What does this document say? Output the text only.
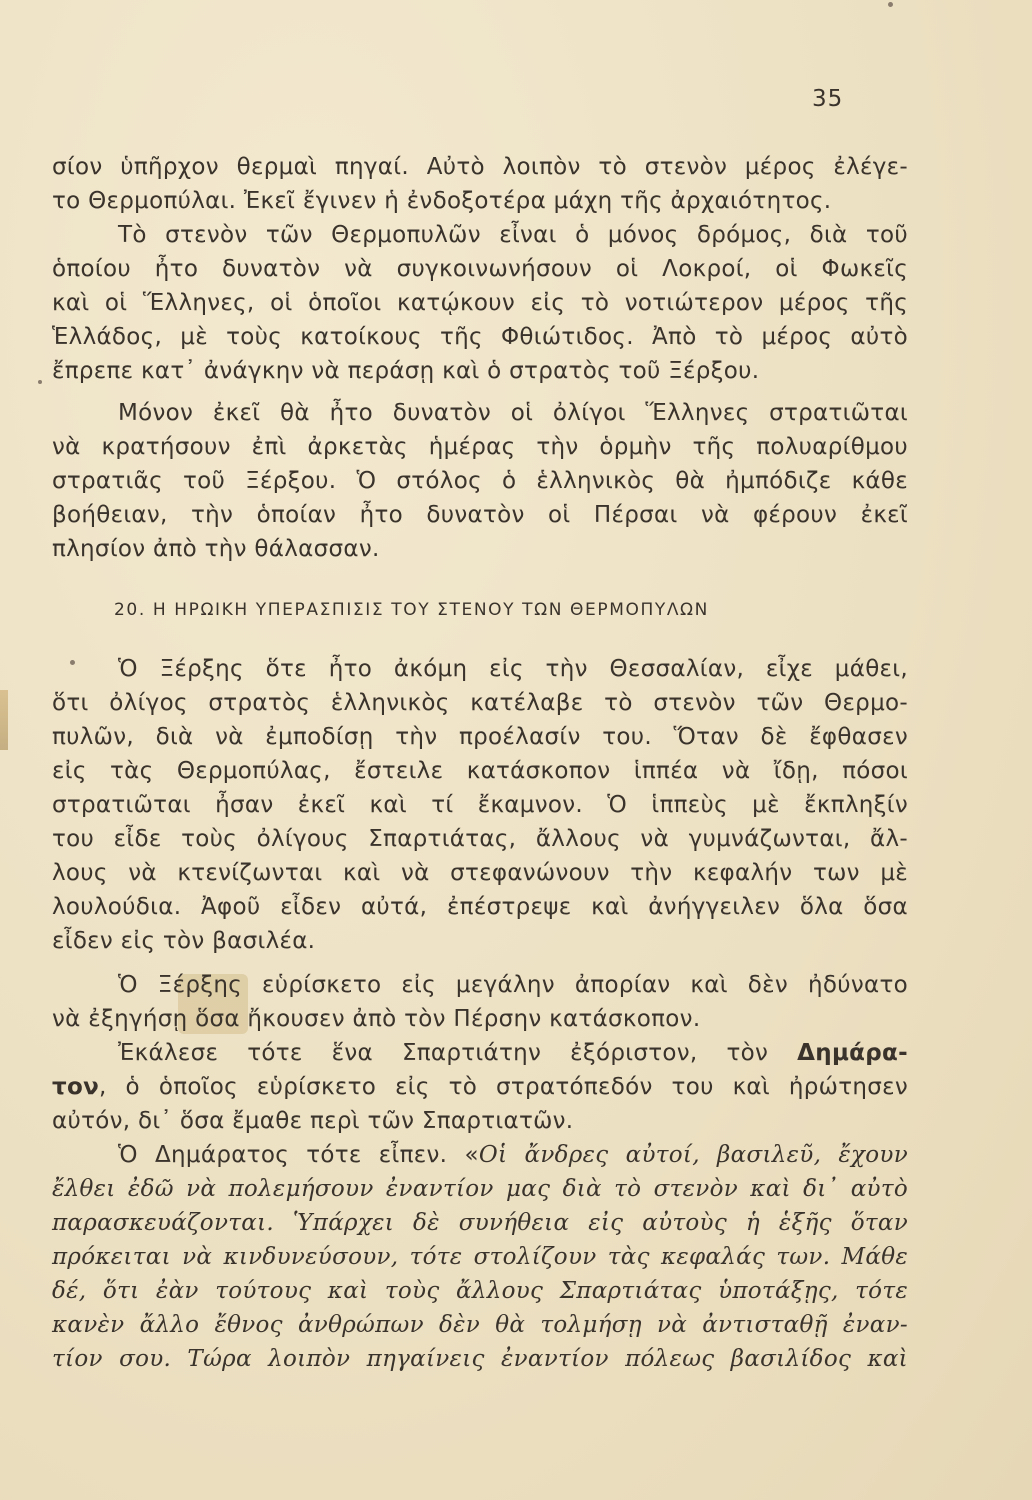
35
σίον ὑπῆρχον θερμαὶ πηγαί. Αὐτὸ λοιπὸν τὸ στενὸν μέρος ἐλέγε-
το Θερμοπύλαι. Ἐκεῖ ἔγινεν ἡ ἐνδοξοτέρα μάχη τῆς ἀρχαιότητος.
Τὸ στενὸν τῶν Θερμοπυλῶν εἶναι ὁ μόνος δρόμος, διὰ τοῦ
ὁποίου ἦτο δυνατὸν νὰ συγκοινωνήσουν οἱ Λοκροί, οἱ Φωκεῖς
καὶ οἱ Ἕλληνες, οἱ ὁποῖοι κατῴκουν εἰς τὸ νοτιώτερον μέρος τῆς
Ἑλλάδος, μὲ τοὺς κατοίκους τῆς Φθιώτιδος. Ἀπὸ τὸ μέρος αὐτὸ
ἔπρεπε κατ᾽ ἀνάγκην νὰ περάσῃ καὶ ὁ στρατὸς τοῦ Ξέρξου.
Μόνον ἐκεῖ θὰ ἦτο δυνατὸν οἱ ὀλίγοι Ἕλληνες στρατιῶται
νὰ κρατήσουν ἐπὶ ἀρκετὰς ἡμέρας τὴν ὁρμὴν τῆς πολυαρίθμου
στρατιᾶς τοῦ Ξέρξου. Ὁ στόλος ὁ ἑλληνικὸς θὰ ἠμπόδιζε κάθε
βοήθειαν, τὴν ὁποίαν ἦτο δυνατὸν οἱ Πέρσαι νὰ φέρουν ἐκεῖ
πλησίον ἀπὸ τὴν θάλασσαν.
20. Η ΗΡΩΙΚΗ ΥΠΕΡΑΣΠΙΣΙΣ ΤΟΥ ΣΤΕΝΟΥ ΤΩΝ ΘΕΡΜΟΠΥΛΩΝ
Ὁ Ξέρξης ὅτε ἦτο ἀκόμη εἰς τὴν Θεσσαλίαν, εἶχε μάθει,
ὅτι ὀλίγος στρατὸς ἑλληνικὸς κατέλαβε τὸ στενὸν τῶν Θερμο-
πυλῶν, διὰ νὰ ἐμποδίσῃ τὴν προέλασίν του. Ὅταν δὲ ἔφθασεν
εἰς τὰς Θερμοπύλας, ἔστειλε κατάσκοπον ἱππέα νὰ ἴδῃ, πόσοι
στρατιῶται ἦσαν ἐκεῖ καὶ τί ἔκαμνον. Ὁ ἱππεὺς μὲ ἔκπληξίν
του εἶδε τοὺς ὀλίγους Σπαρτιάτας, ἄλλους νὰ γυμνάζωνται, ἄλ-
λους νὰ κτενίζωνται καὶ νὰ στεφανώνουν τὴν κεφαλήν των μὲ
λουλούδια. Ἀφοῦ εἶδεν αὐτά, ἐπέστρεψε καὶ ἀνήγγειλεν ὅλα ὅσα
εἶδεν εἰς τὸν βασιλέα.
Ὁ Ξέρξης εὑρίσκετο εἰς μεγάλην ἀπορίαν καὶ δὲν ἠδύνατο
νὰ ἐξηγήσῃ ὅσα ἤκουσεν ἀπὸ τὸν Πέρσην κατάσκοπον.
Ἐκάλεσε τότε ἕνα Σπαρτιάτην ἐξόριστον, τὸν Δημάρα-
τον, ὁ ὁποῖος εὑρίσκετο εἰς τὸ στρατόπεδόν του καὶ ἠρώτησεν
αὐτόν, δι᾽ ὅσα ἔμαθε περὶ τῶν Σπαρτιατῶν.
Ὁ Δημάρατος τότε εἶπεν. «Οἱ ἄνδρες αὐτοί, βασιλεῦ, ἔχουν
ἔλθει ἐδῶ νὰ πολεμήσουν ἐναντίον μας διὰ τὸ στενὸν καὶ δι᾽ αὐτὸ
παρασκευάζονται. Ὑπάρχει δὲ συνήθεια εἰς αὐτοὺς ἡ ἑξῆς ὅταν
πρόκειται νὰ κινδυνεύσουν, τότε στολίζουν τὰς κεφαλάς των. Μάθε
δέ, ὅτι ἐὰν τούτους καὶ τοὺς ἄλλους Σπαρτιάτας ὑποτάξῃς, τότε
κανὲν ἄλλο ἔθνος ἀνθρώπων δὲν θὰ τολμήσῃ νὰ ἀντισταθῇ ἐναν-
τίον σου. Τώρα λοιπὸν πηγαίνεις ἐναντίον πόλεως βασιλίδος καὶ
